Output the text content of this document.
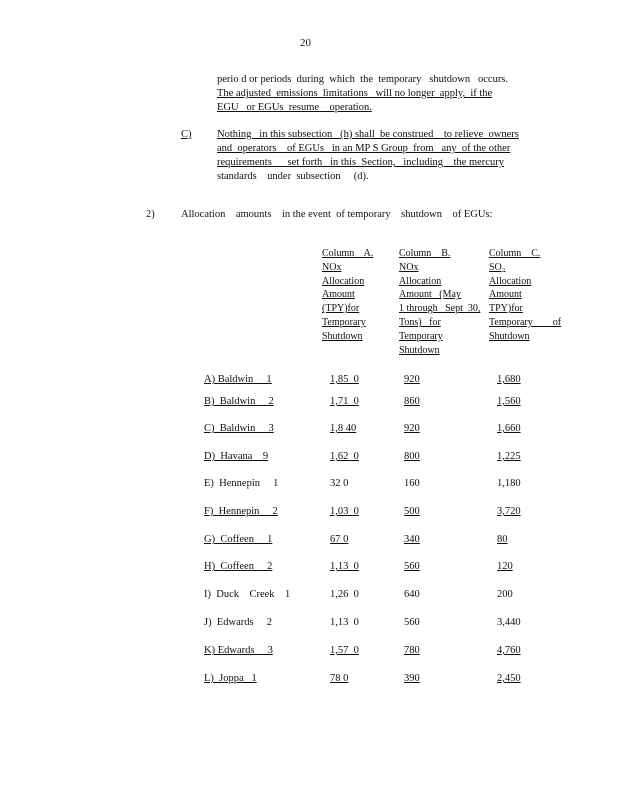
20
perio d or periods  during  which  the  temporary   shutdown   occurs.
The adjusted  emissions  limitations   will no longer  apply,  if the
EGU   or EGUs  resume    operation.
C) Nothing   in this subsection   (h) shall  be construed    to relieve  owners
and  operators    of EGUs   in an MP S Group  from   any  of the other
requirements      set forth   in this  Section,   including    the mercury
standards    under  subsection     (d).
2)	Allocation    amounts    in the event  of temporary    shutdown    of EGUs:
Column    A.
NOx
Allocation
Amount
(TPY)for
Temporary
Shutdown
Column    B.
NOx
Allocation
Amount   (May
1 through   Sept  30,
Tons)   for
Temporary
Shutdown
Column    C.
SO₂
Allocation
Amount
TPY)for
Temporary        of
Shutdown
A) Baldwin     1	1,85  0	920	1,680
B)  Baldwin     2	1,71  0	860	1,560
C)  Baldwin     3	1,8 40	920	1,660
D)  Havana    9	1,62  0	800	1,225
E)  Hennepin     1	32 0	160	1,180
F)  Hennepin     2	1,03  0	500	3,720
G)  Coffeen     1	67 0	340	80
H)  Coffeen     2	1,13  0	560	120
I)  Duck    Creek    1	1,26  0	640	200
J)  Edwards     2	1,13  0	560	3,440
K) Edwards     3	1,57  0	780	4,760
L)  Joppa   1	78 0	390	2,450
